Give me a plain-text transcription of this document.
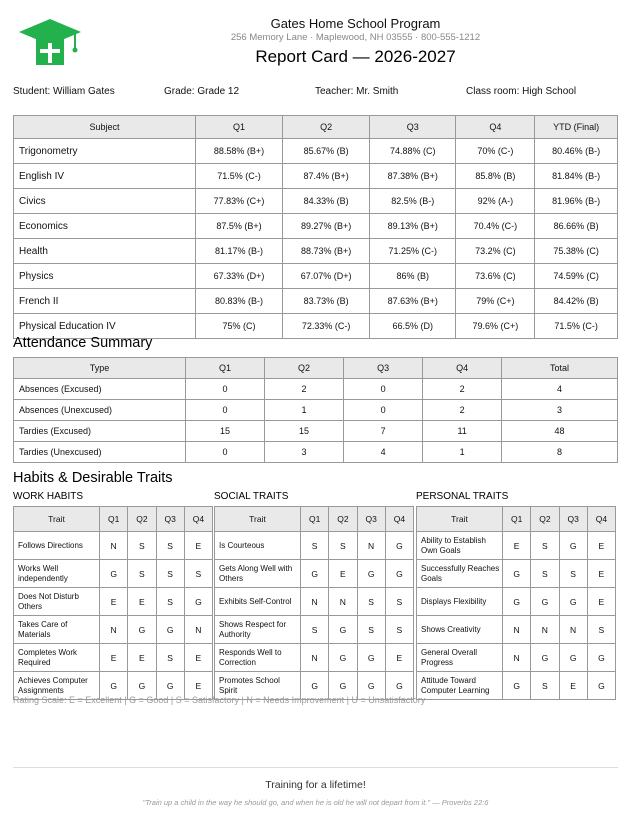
Gates Home School Program
256 Memory Lane · Maplewood, NH 03555 · 800-555-1212
Report Card — 2026-2027
Student: William Gates	Grade: Grade 12	Teacher: Mr. Smith	Class room: High School
Subject	Q1	Q2	Q3	Q4	YTD (Final)
Trigonometry	88.58% (B+)	85.67% (B)	74.88% (C)	70% (C-)	80.46% (B-)
English IV	71.5% (C-)	87.4% (B+)	87.38% (B+)	85.8% (B)	81.84% (B-)
Civics	77.83% (C+)	84.33% (B)	82.5% (B-)	92% (A-)	81.96% (B-)
Economics	87.5% (B+)	89.27% (B+)	89.13% (B+)	70.4% (C-)	86.66% (B)
Health	81.17% (B-)	88.73% (B+)	71.25% (C-)	73.2% (C)	75.38% (C)
Physics	67.33% (D+)	67.07% (D+)	86% (B)	73.6% (C)	74.59% (C)
French II	80.83% (B-)	83.73% (B)	87.63% (B+)	79% (C+)	84.42% (B)
Physical Education IV	75% (C)	72.33% (C-)	66.5% (D)	79.6% (C+)	71.5% (C-)
Attendance Summary
Type	Q1	Q2	Q3	Q4	Total
Absences (Excused)	0	2	0	2	4
Absences (Unexcused)	0	1	0	2	3
Tardies (Excused)	15	15	7	11	48
Tardies (Unexcused)	0	3	4	1	8
Habits & Desirable Traits
WORK HABITS	SOCIAL TRAITS	PERSONAL TRAITS
Trait	Q1	Q2	Q3	Q4
Follows Directions	N	S	S	E
Works Well independently	G	S	S	S
Does Not Disturb Others	E	E	S	G
Takes Care of Materials	N	G	G	N
Completes Work Required	E	E	S	E
Achieves Computer Assignments	G	G	G	E
Trait	Q1	Q2	Q3	Q4
Is Courteous	S	S	N	G
Gets Along Well with Others	G	E	G	G
Exhibits Self-Control	N	N	S	S
Shows Respect for Authority	S	G	S	S
Responds Well to Correction	N	G	G	E
Promotes School Spirit	G	G	G	G
Trait	Q1	Q2	Q3	Q4
Ability to Establish Own Goals	E	S	G	E
Successfully Reaches Goals	G	S	S	E
Displays Flexibility	G	G	G	E
Shows Creativity	N	N	N	S
General Overall Progress	N	G	G	G
Attitude Toward Computer Learning	G	S	E	G
Rating Scale: E = Excellent | G = Good | S = Satisfactory | N = Needs Improvement | U = Unsatisfactory
Training for a lifetime!
"Train up a child in the way he should go, and when he is old he will not depart from it." — Proverbs 22:6
